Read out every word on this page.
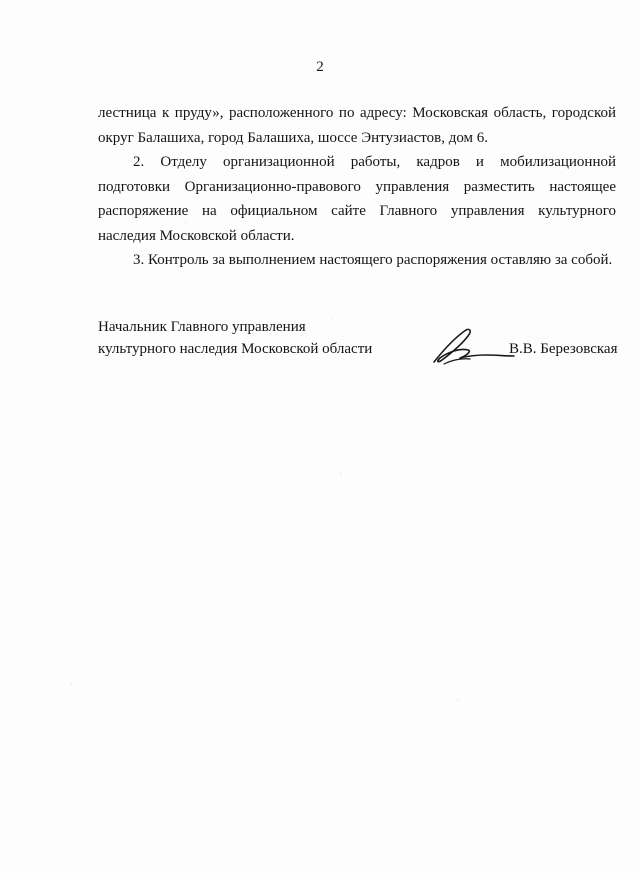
2

лестница к пруду», расположенного по адресу: Московская область, городской округ Балашиха, город Балашиха, шоссе Энтузиастов, дом 6.

2. Отделу организационной работы, кадров и мобилизационной подготовки Организационно-правового управления разместить настоящее распоряжение на официальном сайте Главного управления культурного наследия Московской области.

3. Контроль за выполнением настоящего распоряжения оставляю за собой.

Начальник Главного управления
культурного наследия Московской области	В.В. Березовская
